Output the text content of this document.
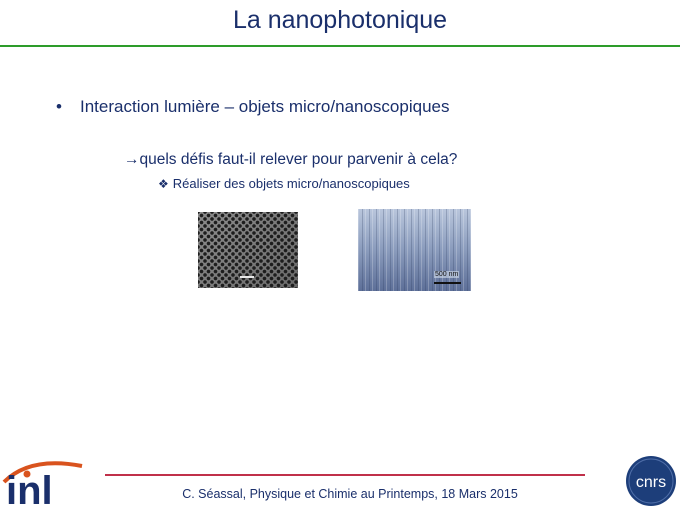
La nanophotonique
• Interaction lumière – objets micro/nanoscopiques
→quels défis faut-il relever pour parvenir à cela?
❖ Réaliser des objets micro/nanoscopiques
500 nm
inl	C. Séassal, Physique et Chimie au Printemps, 18 Mars 2015
cnrs
